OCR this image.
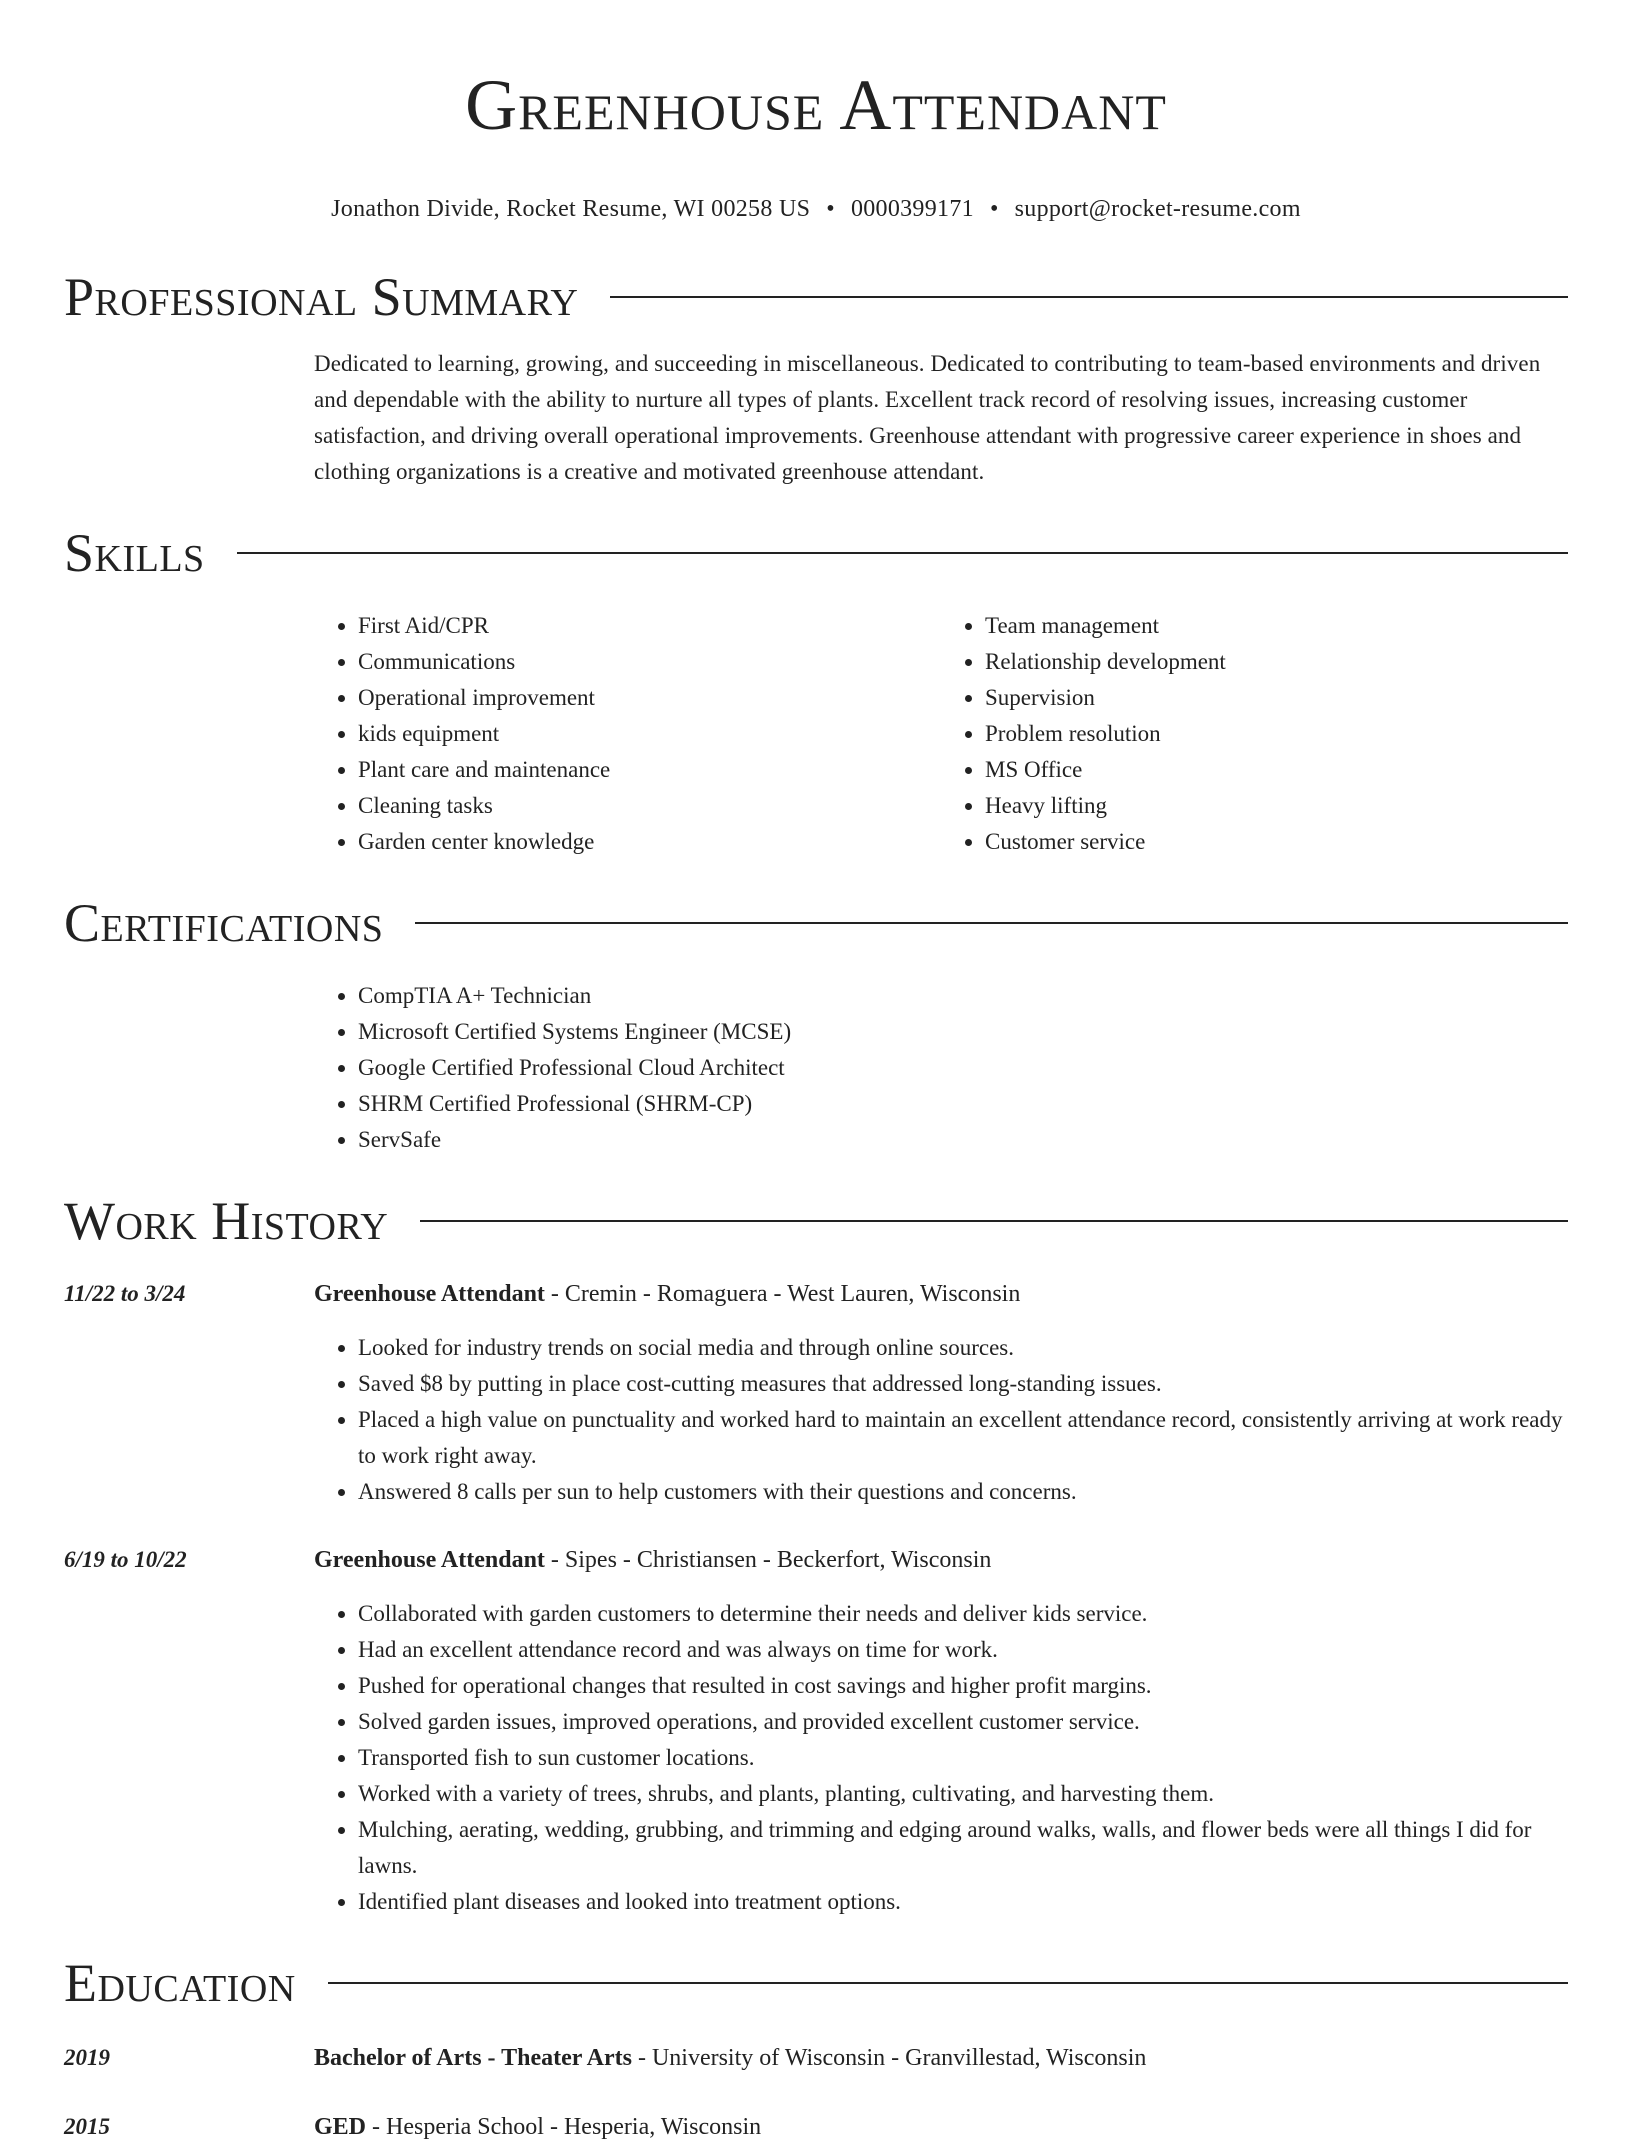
Greenhouse Attendant
Jonathon Divide, Rocket Resume, WI 00258 US • 0000399171 • support@rocket-resume.com
Professional Summary
Dedicated to learning, growing, and succeeding in miscellaneous. Dedicated to contributing to team-based environments and driven and dependable with the ability to nurture all types of plants. Excellent track record of resolving issues, increasing customer satisfaction, and driving overall operational improvements. Greenhouse attendant with progressive career experience in shoes and clothing organizations is a creative and motivated greenhouse attendant.
Skills
• First Aid/CPR
• Communications
• Operational improvement
• kids equipment
• Plant care and maintenance
• Cleaning tasks
• Garden center knowledge
• Team management
• Relationship development
• Supervision
• Problem resolution
• MS Office
• Heavy lifting
• Customer service
Certifications
• CompTIA A+ Technician
• Microsoft Certified Systems Engineer (MCSE)
• Google Certified Professional Cloud Architect
• SHRM Certified Professional (SHRM-CP)
• ServSafe
Work History
11/22 to 3/24	Greenhouse Attendant - Cremin - Romaguera - West Lauren, Wisconsin
• Looked for industry trends on social media and through online sources.
• Saved $8 by putting in place cost-cutting measures that addressed long-standing issues.
• Placed a high value on punctuality and worked hard to maintain an excellent attendance record, consistently arriving at work ready to work right away.
• Answered 8 calls per sun to help customers with their questions and concerns.
6/19 to 10/22	Greenhouse Attendant - Sipes - Christiansen - Beckerfort, Wisconsin
• Collaborated with garden customers to determine their needs and deliver kids service.
• Had an excellent attendance record and was always on time for work.
• Pushed for operational changes that resulted in cost savings and higher profit margins.
• Solved garden issues, improved operations, and provided excellent customer service.
• Transported fish to sun customer locations.
• Worked with a variety of trees, shrubs, and plants, planting, cultivating, and harvesting them.
• Mulching, aerating, wedding, grubbing, and trimming and edging around walks, walls, and flower beds were all things I did for lawns.
• Identified plant diseases and looked into treatment options.
Education
2019	Bachelor of Arts - Theater Arts - University of Wisconsin - Granvillestad, Wisconsin
2015	GED - Hesperia School - Hesperia, Wisconsin
